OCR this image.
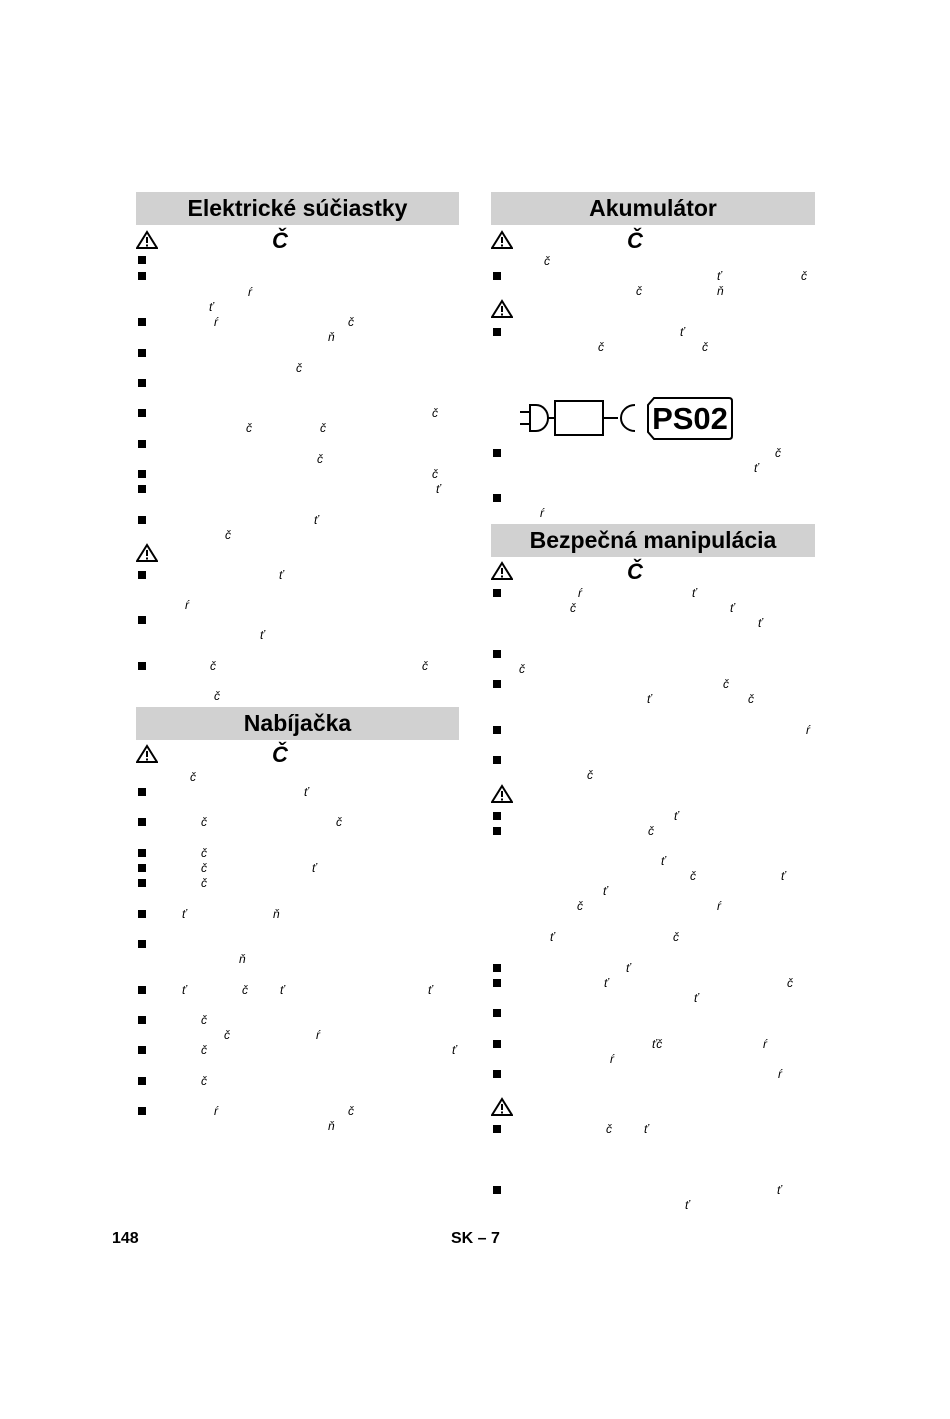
Elektrické súčiastky
Č
ŕ
ť
ŕ	č
ň
č
č
č	č
č
č
ť
ť
č
ť
ŕ
ť
č	č
č
Nabíjačka
Č
č
ť
č	č
č
č	ť
č
ť	ň
ň
ť	č	ť	ť
č
č	ŕ
č	ť
č
ŕ	č
ň
Akumulátor
Č
č
ť	č
č	ň
ť
č	č
PS02
č
ť
ŕ
Bezpečná manipulácia
Č
ŕ	ť
č	ť
ť
č
č
ť	č
ŕ
č
ť
č
ť
č	ť
ť
č	ŕ
ť	č
ť
ť	č
ť
ťč	ŕ
ŕ
ŕ
č	ť
ť
ť
148	SK – 7
